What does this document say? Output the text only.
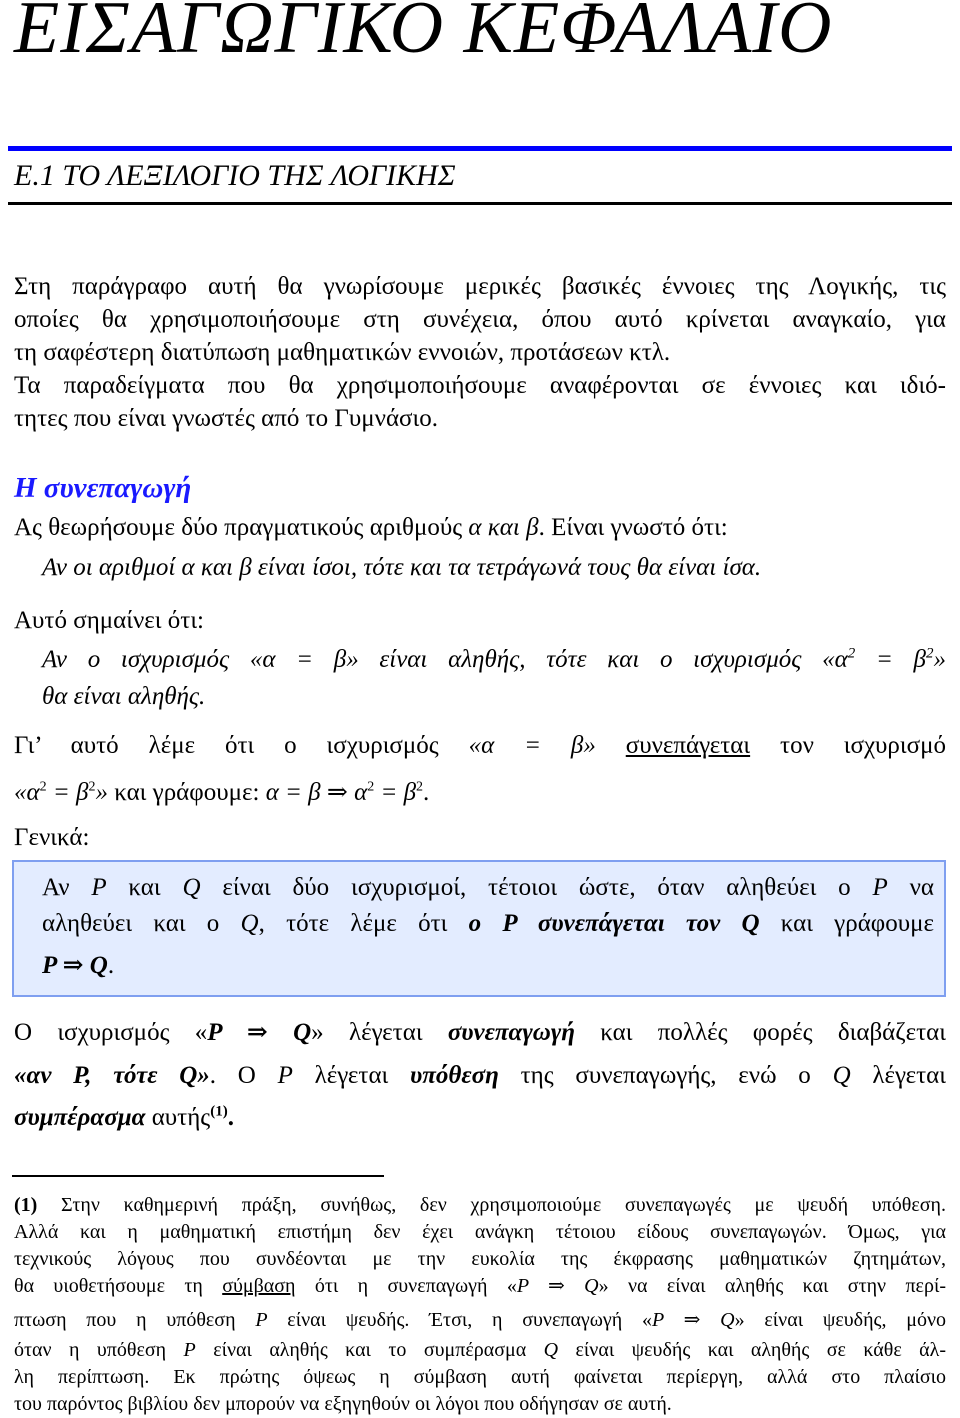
ΕΙΣΑΓΩΓΙΚΟ ΚΕΦΑΛΑΙΟ
Ε.1 ΤΟ ΛΕΞΙΛΟΓΙΟ ΤΗΣ ΛΟΓΙΚΗΣ
Στη παράγραφο αυτή θα γνωρίσουμε μερικές βασικές έννοιες της Λογικής, τις
οποίες θα χρησιμοποιήσουμε στη συνέχεια, όπου αυτό κρίνεται αναγκαίο, για
τη σαφέστερη διατύπωση μαθηματικών εννοιών, προτάσεων κτλ.
Τα παραδείγματα που θα χρησιμοποιήσουμε αναφέρονται σε έννοιες και ιδιό-
τητες που είναι γνωστές από το Γυμνάσιο.
Η συνεπαγωγή
Ας θεωρήσουμε δύο πραγματικούς αριθμούς α και β. Είναι γνωστό ότι:
Αν οι αριθμοί α και β είναι ίσοι, τότε και τα τετράγωνά τους θα είναι ίσα.
Αυτό σημαίνει ότι:
Αν ο ισχυρισμός «α = β» είναι αληθής, τότε και ο ισχυρισμός «$\alpha^2 = \beta^2$»
θα είναι αληθής.
Γι’ αυτό λέμε ότι ο ισχυρισμός «α = β» συνεπάγεται τον ισχυρισμό
«$\alpha^2 = \beta^2$» και γράφουμε: α = β ⇒ $\alpha^2 = \beta^2$.
Γενικά:
Αν P και Q είναι δύο ισχυρισμοί, τέτοιοι ώστε, όταν αληθεύει ο P να
αληθεύει και ο Q, τότε λέμε ότι ο P συνεπάγεται τον Q και γράφουμε
P ⇒ Q.
Ο ισχυρισμός «P ⇒ Q» λέγεται συνεπαγωγή και πολλές φορές διαβάζεται
«αν P, τότε Q». Ο P λέγεται υπόθεση της συνεπαγωγής, ενώ ο Q λέγεται
συμπέρασμα αυτής$^{(1)}$.
(1) Στην καθημερινή πράξη, συνήθως, δεν χρησιμοποιούμε συνεπαγωγές με ψευδή υπόθεση.
Αλλά και η μαθηματική επιστήμη δεν έχει ανάγκη τέτοιου είδους συνεπαγωγών. Όμως, για
τεχνικούς λόγους που συνδέονται με την ευκολία της έκφρασης μαθηματικών ζητημάτων,
θα υιοθετήσουμε τη σύμβαση ότι η συνεπαγωγή «P ⇒ Q» να είναι αληθής και στην περί-
πτωση που η υπόθεση P είναι ψευδής. Έτσι, η συνεπαγωγή «P ⇒ Q» είναι ψευδής, μόνο
όταν η υπόθεση P είναι αληθής και το συμπέρασμα Q είναι ψευδής και αληθής σε κάθε άλ-
λη περίπτωση. Εκ πρώτης όψεως η σύμβαση αυτή φαίνεται περίεργη, αλλά στο πλαίσιο
του παρόντος βιβλίου δεν μπορούν να εξηγηθούν οι λόγοι που οδήγησαν σε αυτή.
